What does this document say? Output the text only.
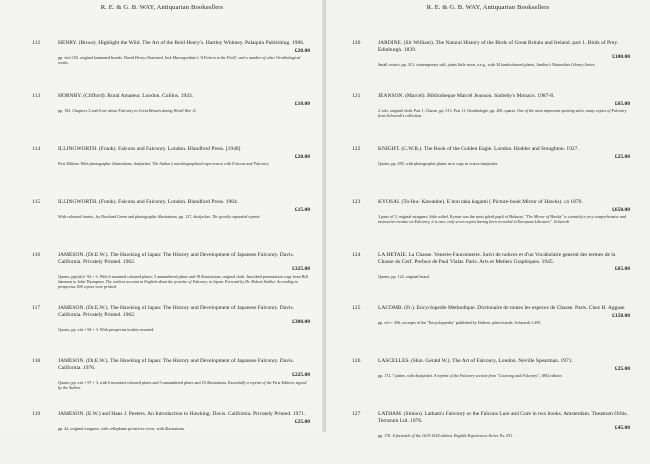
R. E. & G. B. WAY, Antiquarian Booksellers
112	HENRY. (Bruce). Highlight the Wild. The Art of the Reid Henry's. Hartley Whitney. Palaquin Publishing. 1986.

£20.00

pp. viii+103, original laminated boards. David Henry illustrated Jack Mavrogordato's 'A Falcon in the Field', and a number of other Ornithological works.

113	HORNBY. (Clifford). Rural Amateur. London. Collins. 1943.

£10.00

pp. 192. Chapters 5 and 6 are about Falconry in Great Britain during World War 11.

114	ILLINGWORTH. (Frank). Falcons and Falconry. London. Blandford Press. [1948]

£20.00

First Edition. With photographic illustrations, dustjacket. The Author's autobiographical experiences with Falcons and Falconry.

115	ILLINGWORTH. (Frank). Falcons and Falconry. London. Blandford Press. 1964.

£15.00

With coloured frontis., by Rowland Green and photographic illustrations, pp. 127, dustjacket. The greatly expanded reprint.

116	JAMESON. (Dr.E.W.). The Hawking of Japan: The History and Development of Japanese Falconry. Davis. California. Privately Printed. 1962.

£325.00

Quarto, pp(xiii)+ 94 + 3. With 6 mounted coloured plates, 5 unnumbered plates and 18 illustrations, original cloth. Inscribed presentation copy from Bill Jameson to John Thompson. The earliest account in English about the practise of Falconry in Japan. Forward by Dr. Robert Stabler. According to prospectus 500 copies were printed.

117	JAMESON. (Dr.E.W.). The Hawking of Japan: The History and Development of Japanese Falconry. Davis. California. Privately Printed. 1962.

£300.00

Quarto, pp. xiii + 94 + 3. With prospectus loosley inserted.

118	JAMESON. (Dr.E.W.). The Hawking of Japan: The History and Development of Japanese Falconry. Davis. California. 1976.

£225.00

Quarto, pp. xiii + 97 + 3, with 6 mounted coloured plates and 5 unnumbered plates and 18 illustrations. Essentially a reprint of the First Edition, signed by the Author.

119	JAMESON. (E.W.) and Hans J. Peeters. An Introduction to Hawking. Davis. California. Privately Printed. 1971.

£25.00

pp. 42, original wrappers, with cellophane protective cover, with illustrations.

R. E. & G. B. WAY, Antiquarian Booksellers
120	JARDINE. (Sir William). The Natural History of the Birds of Great Britain and Ireland. part 1. Birds of Prey. Edinburgh. 1839.

£100.00

Small octavo, pp. 313, contemporary calf, joints little worn, a.e.g., with 34 handcoloured plates, Jardine's Naturalists Library Series.

121	JEANSON. (Marcel). Bibliotheque Marcel Jeanson. Sotheby's Monaco. 1987-8.

£65.00

2 vols, original cloth. Part 1, Chasse, pp. 513. Part 11, Ornithologie, pp. 206, quarto. One of the most important sporting sales, many copies of Falconry from Schwerdt's collection.

122	KNIGHT. (C.W.R.). The Book of the Golden Eagle. London. Hodder and Stoughton. 1927.

£25.00

Quarto, pp. 295, with photographic plates, nice copy in scarce dustjacket.

123	KYOSAI. (To-Iku- Kawanbe). E hon taka kagami ( Picture-book Mirror of Hawks). ca 1870.

£650.00

3 parts of 5, original wrappers, little soiled. Kyosai was the most gifted pupil of Hokusai. "The Mirror of Hawks" is certainly a very comprehensive and instructive treatise on Falconry, it is rare, only seven copies having been recorded in European Libraries". Schwerdt.

124	LA HETAIE. La Chasse. Venerie-Fauconnerie. Suivi de notices et d'un Vocabulaire general des termes de la Chasse du Cerf. Preface de Paul Vialar. Paris. Arts et Metiers Graphiques. 1945.

£65.00

Quarto, pp. 123, original board.

125	LACOMB. (Fr.). Encyclopedie Methodique. Dictionaire de toutes les especes de Chasse. Paris. Chez H. Aggase.

£150.00

pp. viii + 456, excerpts of the "Encyclopaedia" published by Diderot. plain boards. Schwerdt 1:295.

126	LASCELLES. (Hon. Gerald W.). The Art of Falconry, London. Neville Spearman. 1971.

£25.00

pp. 172, 7 plates, with dustjacket. A reprint of the Falconry section from "Coursing and Falconry", 1892 edition.

127	LATHAM. (Simon). Latham's Falconry or the Falcons Lure and Cure in two books. Amsterdam. Theatrum Orbis. Terrarum Ltd. 1976.

£45.00

pp. 176. A facsimile of the 1615-1618 edition. English Experiences Series No. 811.
